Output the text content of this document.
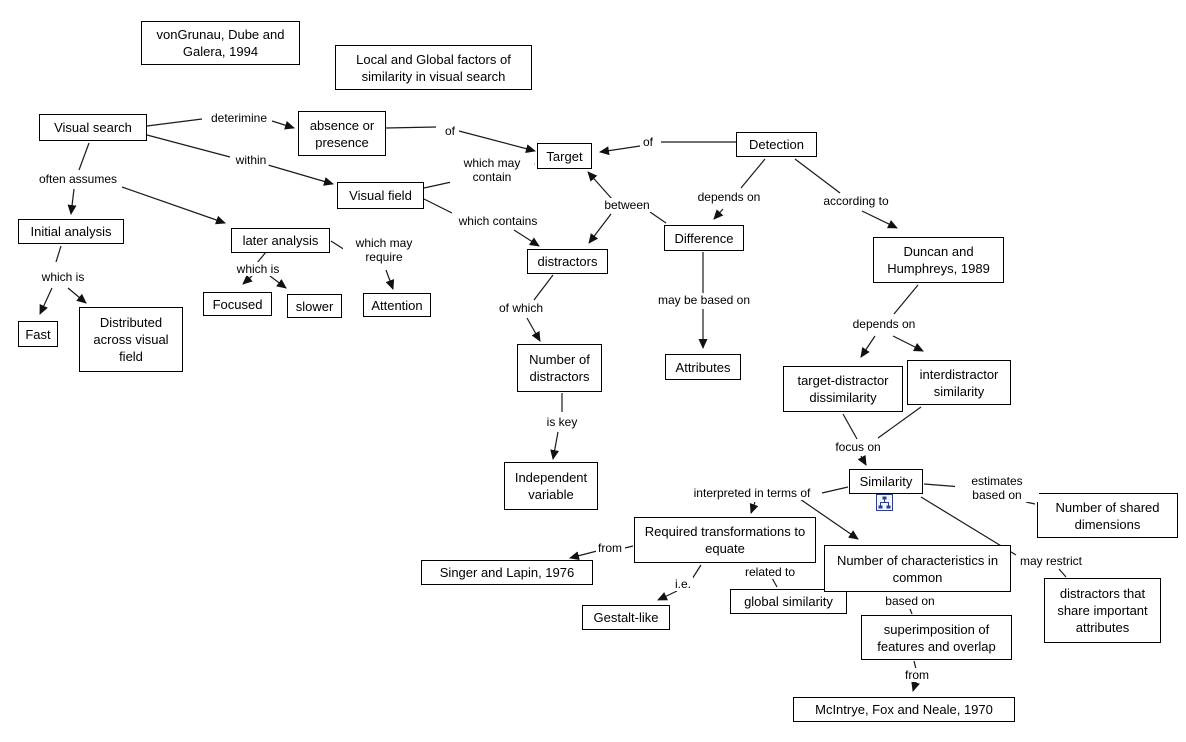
vonGrunau, Dube and Galera, 1994	Local and Global factors of similarity in visual search
Visual search	absence or presence
Visual field
Target
Detection
Initial analysis
later analysis
Focused	slower	Attention
Fast
Distributed across visual field
distractors
Difference
Duncan and Humphreys, 1989
Attributes
Number of distractors
Independent variable
target-distractor dissimilarity
interdistractor similarity
Similarity
Number of shared dimensions
Required transformations to equate
Singer and Lapin, 1976
Gestalt-like
global similarity
Number of characteristics in common
distractors that share important attributes
superimposition of features and overlap
McIntrye, Fox and Neale, 1970
deterimine
within
often assumes
which is
which is
which may require
of
which may contain
which contains
between
of
depends on	according to
may be based on
depends on
of which
is key
focus on
interpreted in terms of
estimates based on
from
i.e.
related to
may restrict
based on
from
